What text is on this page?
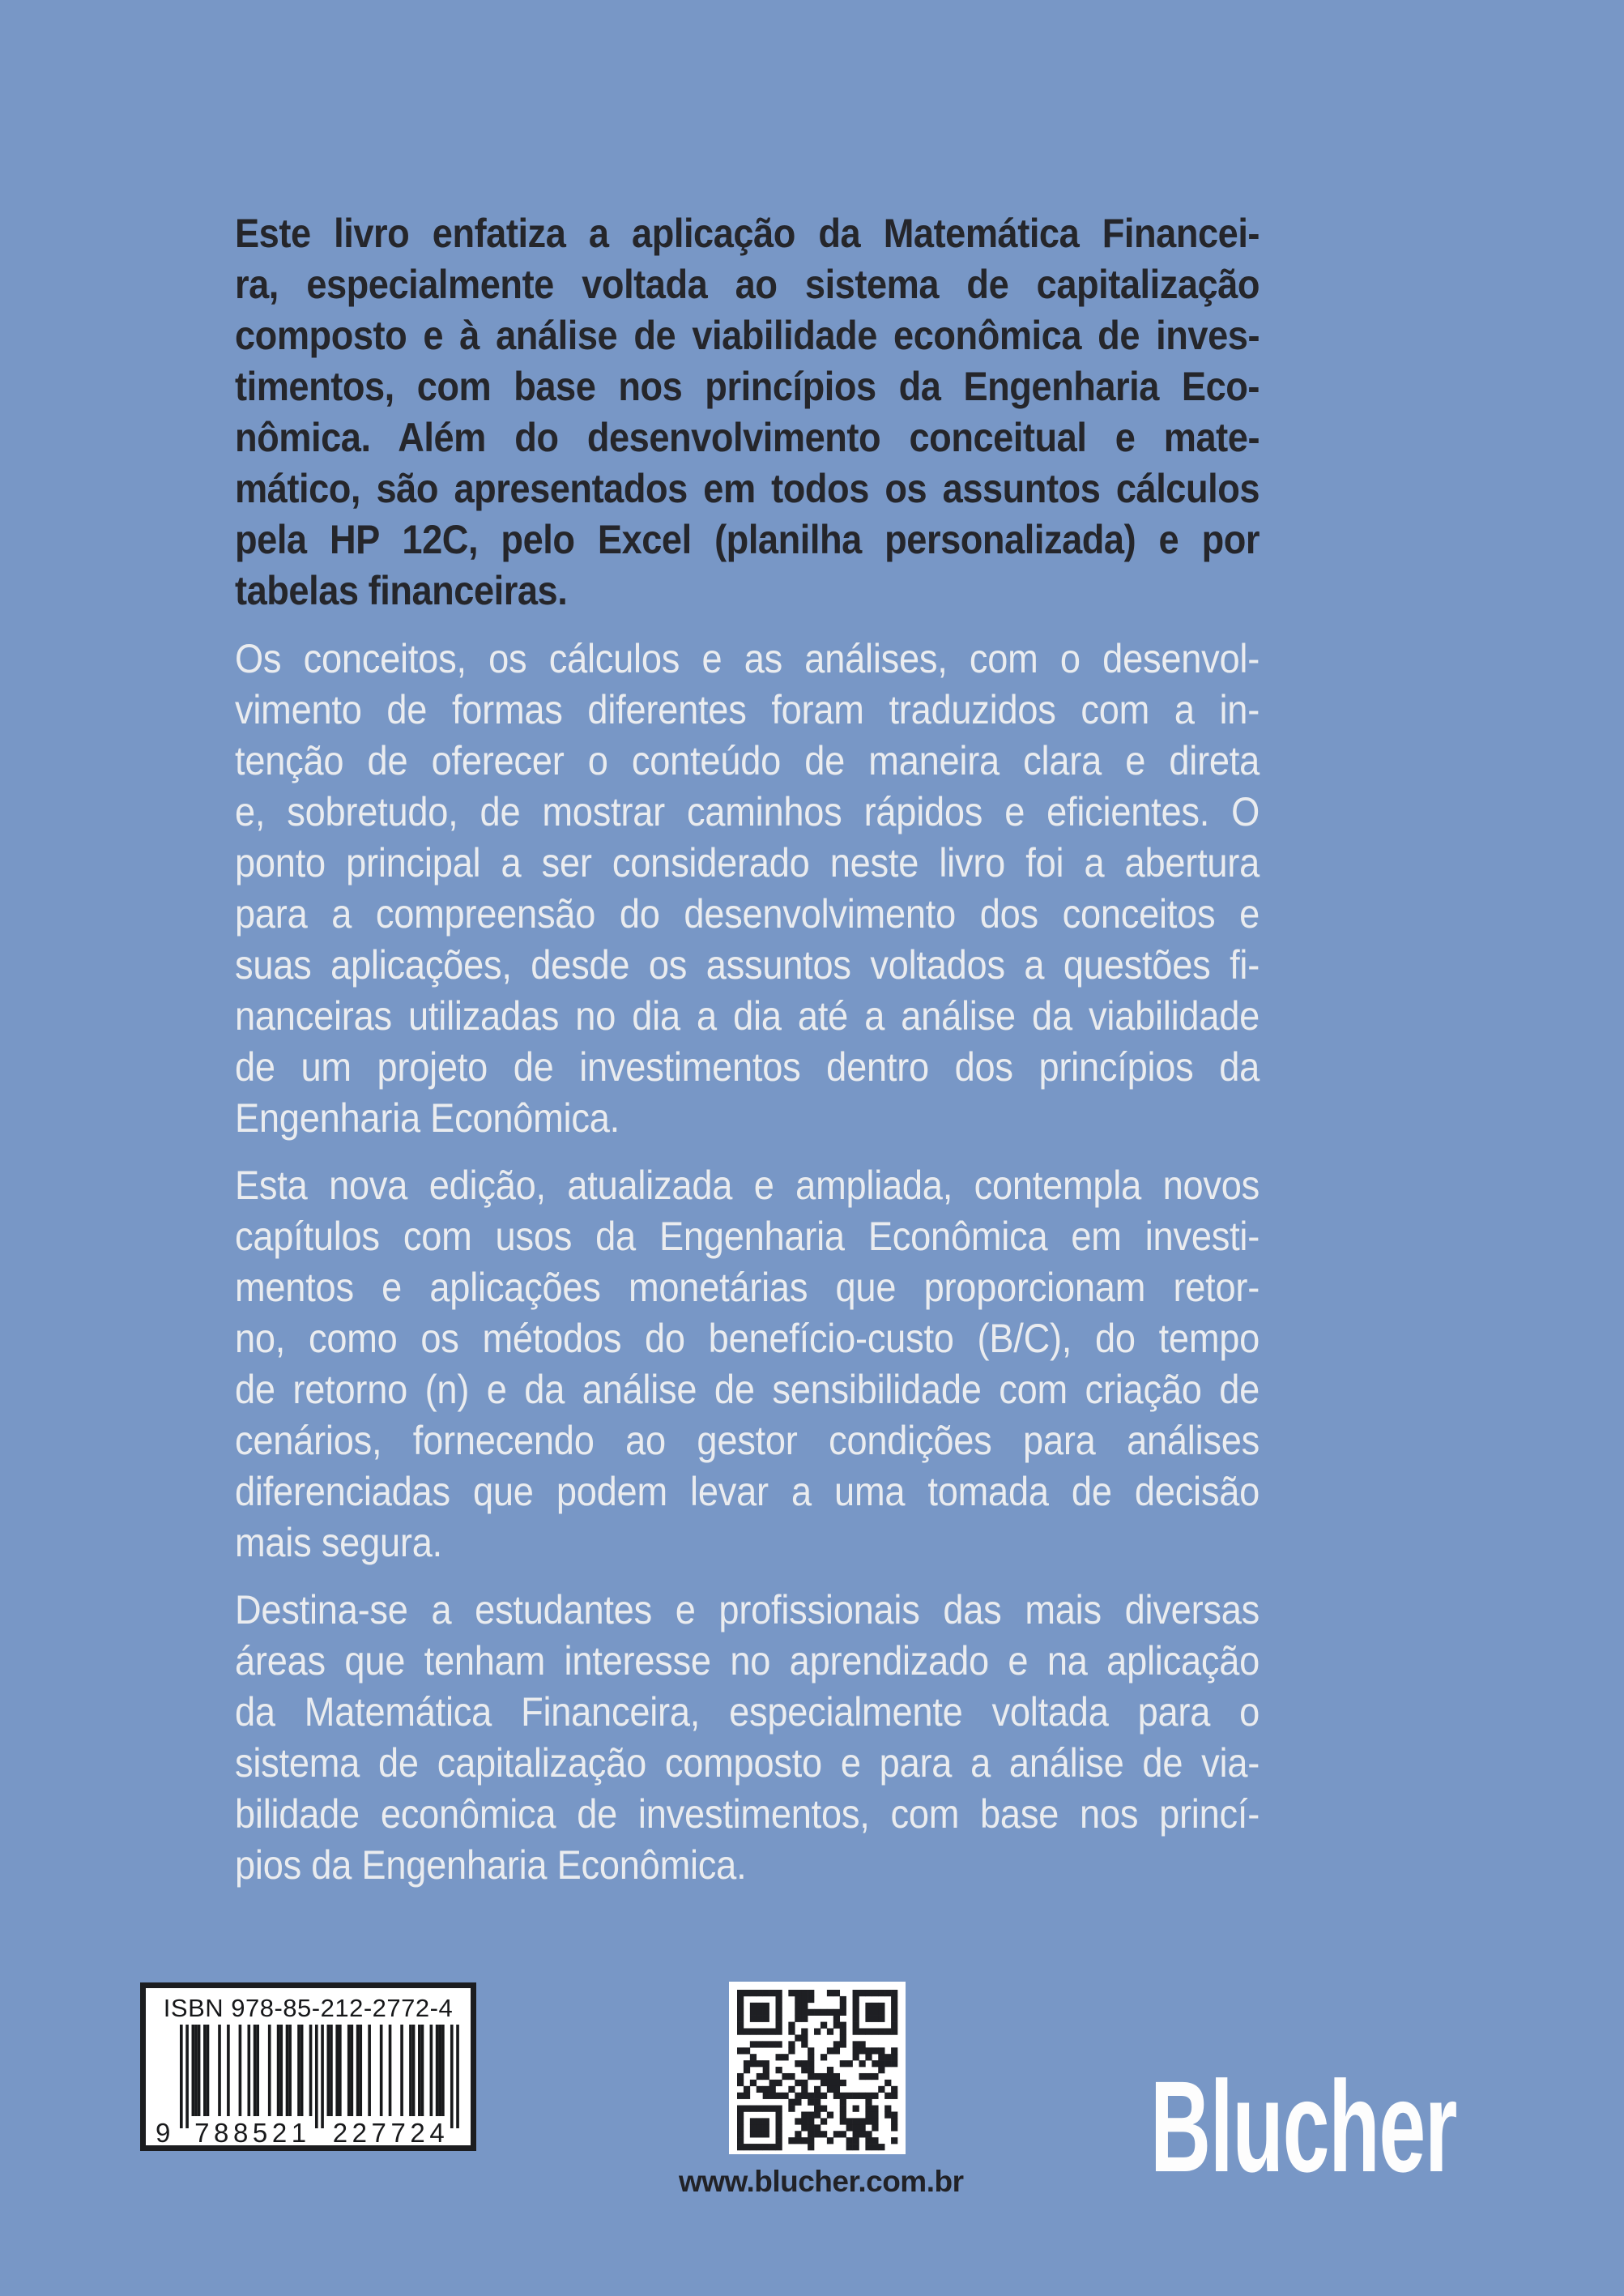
Este livro enfatiza a aplicação da Matemática Financei-
ra, especialmente voltada ao sistema de capitalização
composto e à análise de viabilidade econômica de inves-
timentos, com base nos princípios da Engenharia Eco-
nômica. Além do desenvolvimento conceitual e mate-
mático, são apresentados em todos os assuntos cálculos
pela HP 12C, pelo Excel (planilha personalizada) e por
tabelas financeiras.
Os conceitos, os cálculos e as análises, com o desenvol-
vimento de formas diferentes foram traduzidos com a in-
tenção de oferecer o conteúdo de maneira clara e direta
e, sobretudo, de mostrar caminhos rápidos e eficientes. O
ponto principal a ser considerado neste livro foi a abertura
para a compreensão do desenvolvimento dos conceitos e
suas aplicações, desde os assuntos voltados a questões fi-
nanceiras utilizadas no dia a dia até a análise da viabilidade
de um projeto de investimentos dentro dos princípios da
Engenharia Econômica.
Esta nova edição, atualizada e ampliada, contempla novos
capítulos com usos da Engenharia Econômica em investi-
mentos e aplicações monetárias que proporcionam retor-
no, como os métodos do benefício-custo (B/C), do tempo
de retorno (n) e da análise de sensibilidade com criação de
cenários, fornecendo ao gestor condições para análises
diferenciadas que podem levar a uma tomada de decisão
mais segura.
Destina-se a estudantes e profissionais das mais diversas
áreas que tenham interesse no aprendizado e na aplicação
da Matemática Financeira, especialmente voltada para o
sistema de capitalização composto e para a análise de via-
bilidade econômica de investimentos, com base nos princí-
pios da Engenharia Econômica.
ISBN 978-85-212-2772-4
9 788521 227724
www.blucher.com.br Blucher
